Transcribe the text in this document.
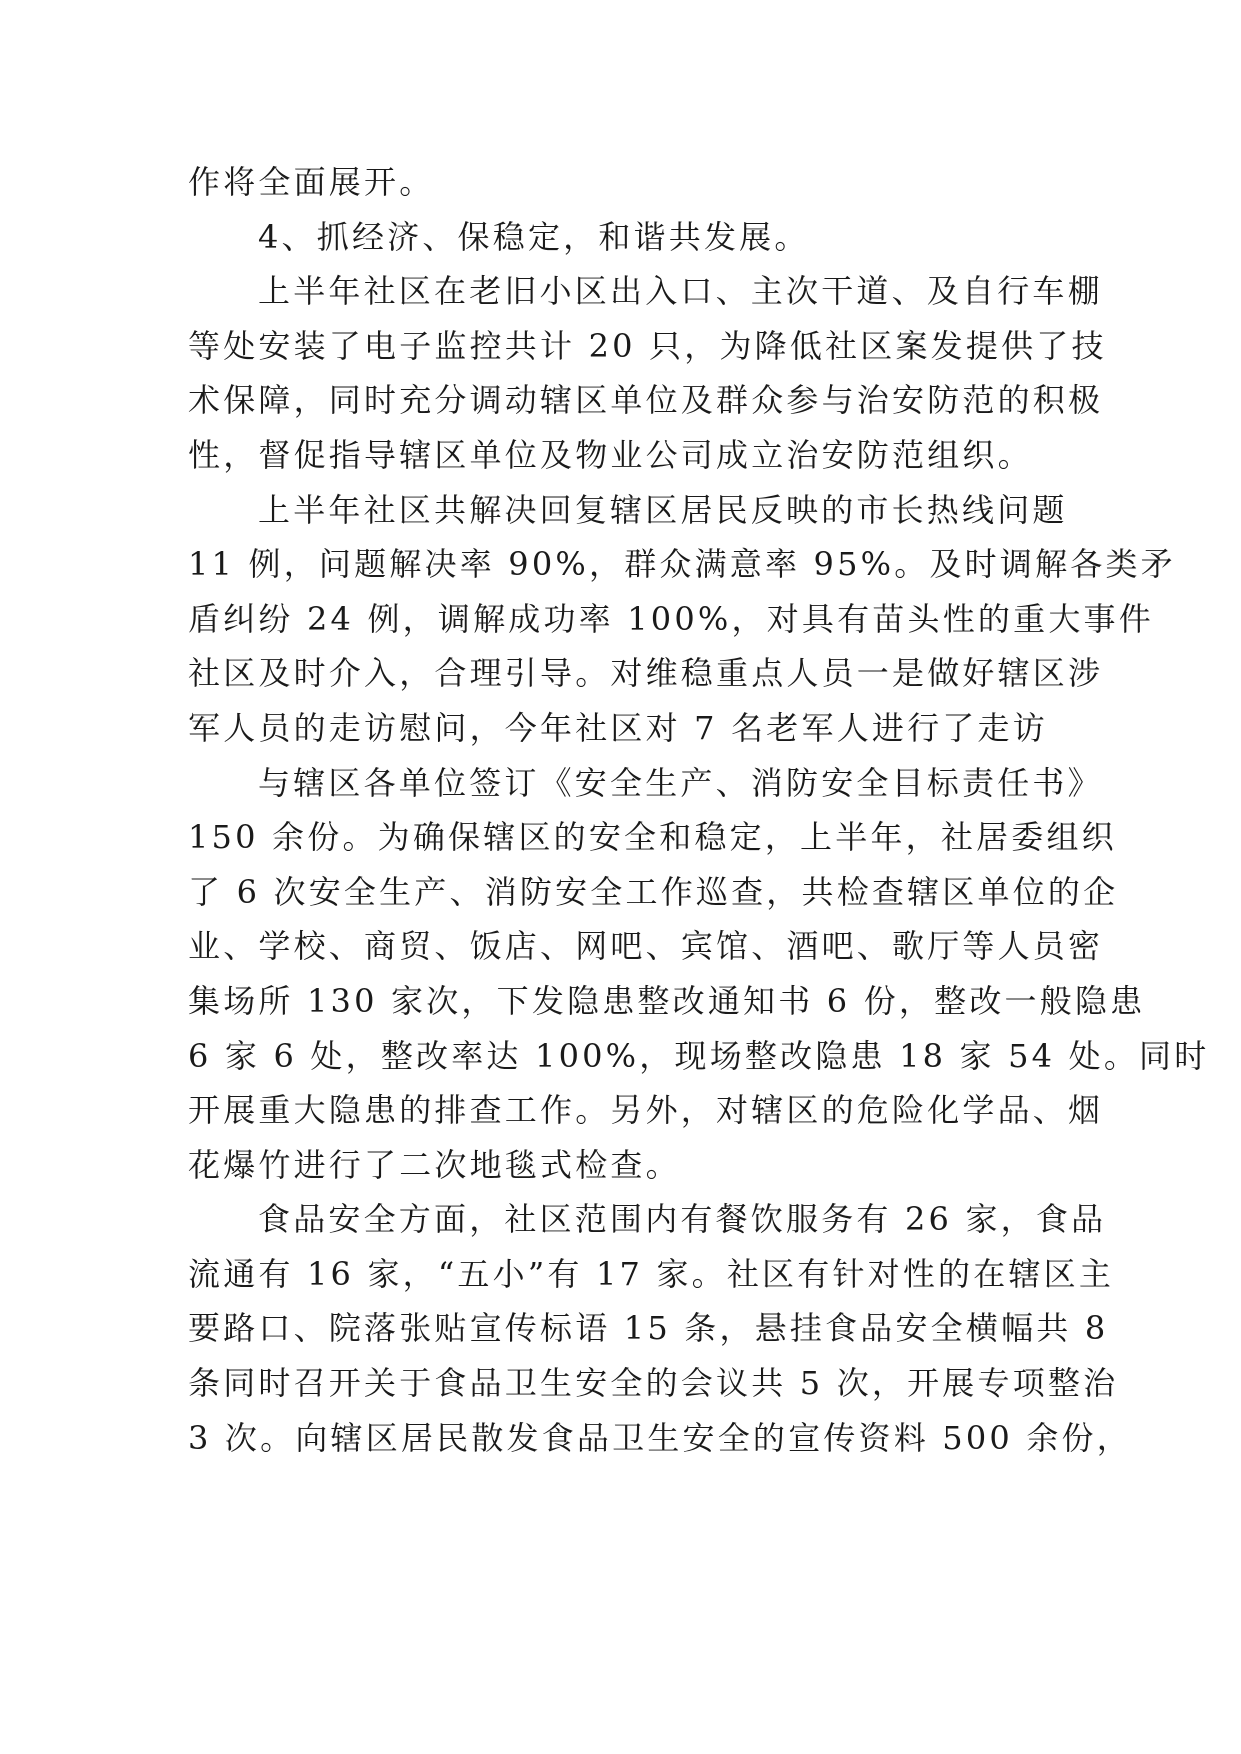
作将全面展开。

4、抓经济、保稳定，和谐共发展。

上半年社区在老旧小区出入口、主次干道、及自行车棚
等处安装了电子监控共计 20 只，为降低社区案发提供了技
术保障，同时充分调动辖区单位及群众参与治安防范的积极
性，督促指导辖区单位及物业公司成立治安防范组织。

上半年社区共解决回复辖区居民反映的市长热线问题
11 例，问题解决率 90%，群众满意率 95%。及时调解各类矛
盾纠纷 24 例，调解成功率 100%，对具有苗头性的重大事件
社区及时介入，合理引导。对维稳重点人员一是做好辖区涉
军人员的走访慰问，今年社区对 7 名老军人进行了走访

与辖区各单位签订《安全生产、消防安全目标责任书》
150 余份。为确保辖区的安全和稳定，上半年，社居委组织
了 6 次安全生产、消防安全工作巡查，共检查辖区单位的企
业、学校、商贸、饭店、网吧、宾馆、酒吧、歌厅等人员密
集场所 130 家次，下发隐患整改通知书 6 份，整改一般隐患
6 家 6 处，整改率达 100%，现场整改隐患 18 家 54 处。同时
开展重大隐患的排查工作。另外，对辖区的危险化学品、烟
花爆竹进行了二次地毯式检查。

食品安全方面，社区范围内有餐饮服务有 26 家，食品
流通有 16 家，“五小”有 17 家。社区有针对性的在辖区主
要路口、院落张贴宣传标语 15 条，悬挂食品安全横幅共 8
条同时召开关于食品卫生安全的会议共 5 次，开展专项整治
3 次。向辖区居民散发食品卫生安全的宣传资料 500 余份，
